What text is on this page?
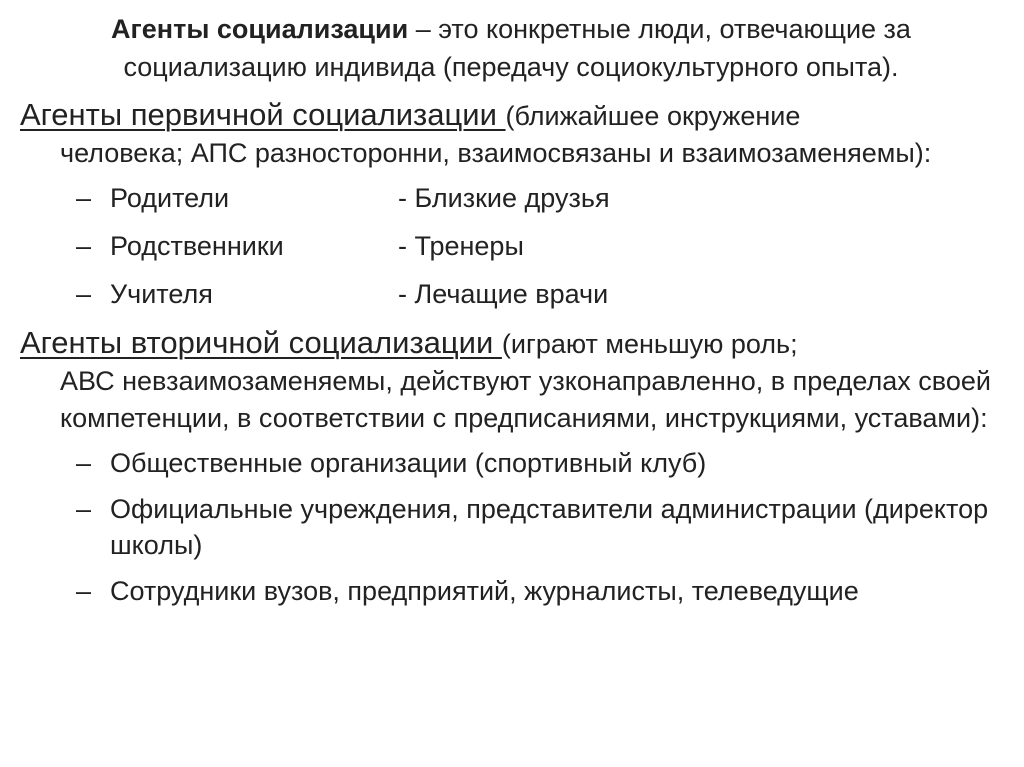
Агенты социализации – это конкретные люди, отвечающие за социализацию индивида (передачу социокультурного опыта).

Агенты первичной социализации (ближайшее окружение
человека; АПС разносторонни, взаимосвязаны и взаимозаменяемы):
– Родители	- Близкие друзья
– Родственники	- Тренеры
– Учителя	- Лечащие врачи
Агенты вторичной социализации (играют меньшую роль;
АВС невзаимозаменяемы, действуют узконаправленно, в пределах своей компетенции, в соответствии с предписаниями, инструкциями, уставами):
– Общественные организации (спортивный клуб)
– Официальные учреждения, представители администрации (директор школы)
– Сотрудники вузов, предприятий, журналисты, телеведущие
